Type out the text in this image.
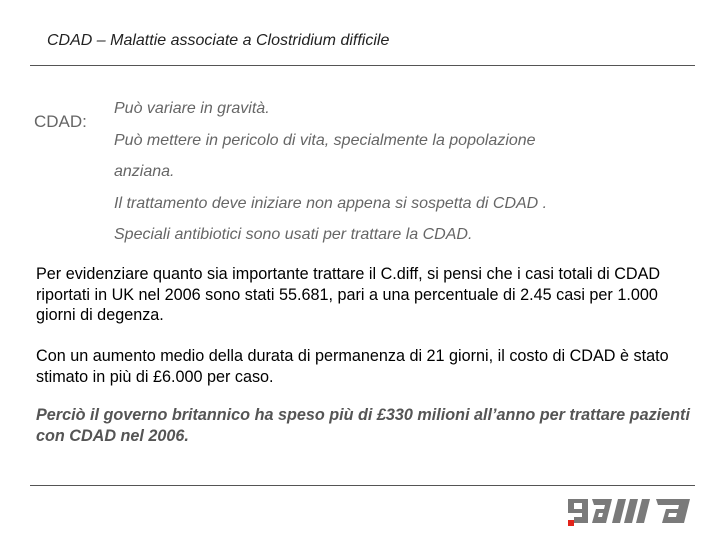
CDAD – Malattie associate a Clostridium difficile
CDAD:
Può variare in gravità.
Può mettere in pericolo di vita, specialmente la popolazione
anziana.
Il trattamento deve iniziare non appena si sospetta di CDAD .
Speciali antibiotici sono usati per trattare la CDAD.

Per evidenziare quanto sia importante trattare il C.diff, si pensi che i casi totali di CDAD riportati in UK nel 2006 sono stati 55.681, pari a una percentuale di 2.45 casi per 1.000 giorni di degenza.

Con un aumento medio della durata di permanenza di 21 giorni, il costo di CDAD è stato stimato in più di £6.000 per caso.

Perciò il governo britannico ha speso più di £330 milioni all’anno per trattare pazienti con CDAD nel 2006.
